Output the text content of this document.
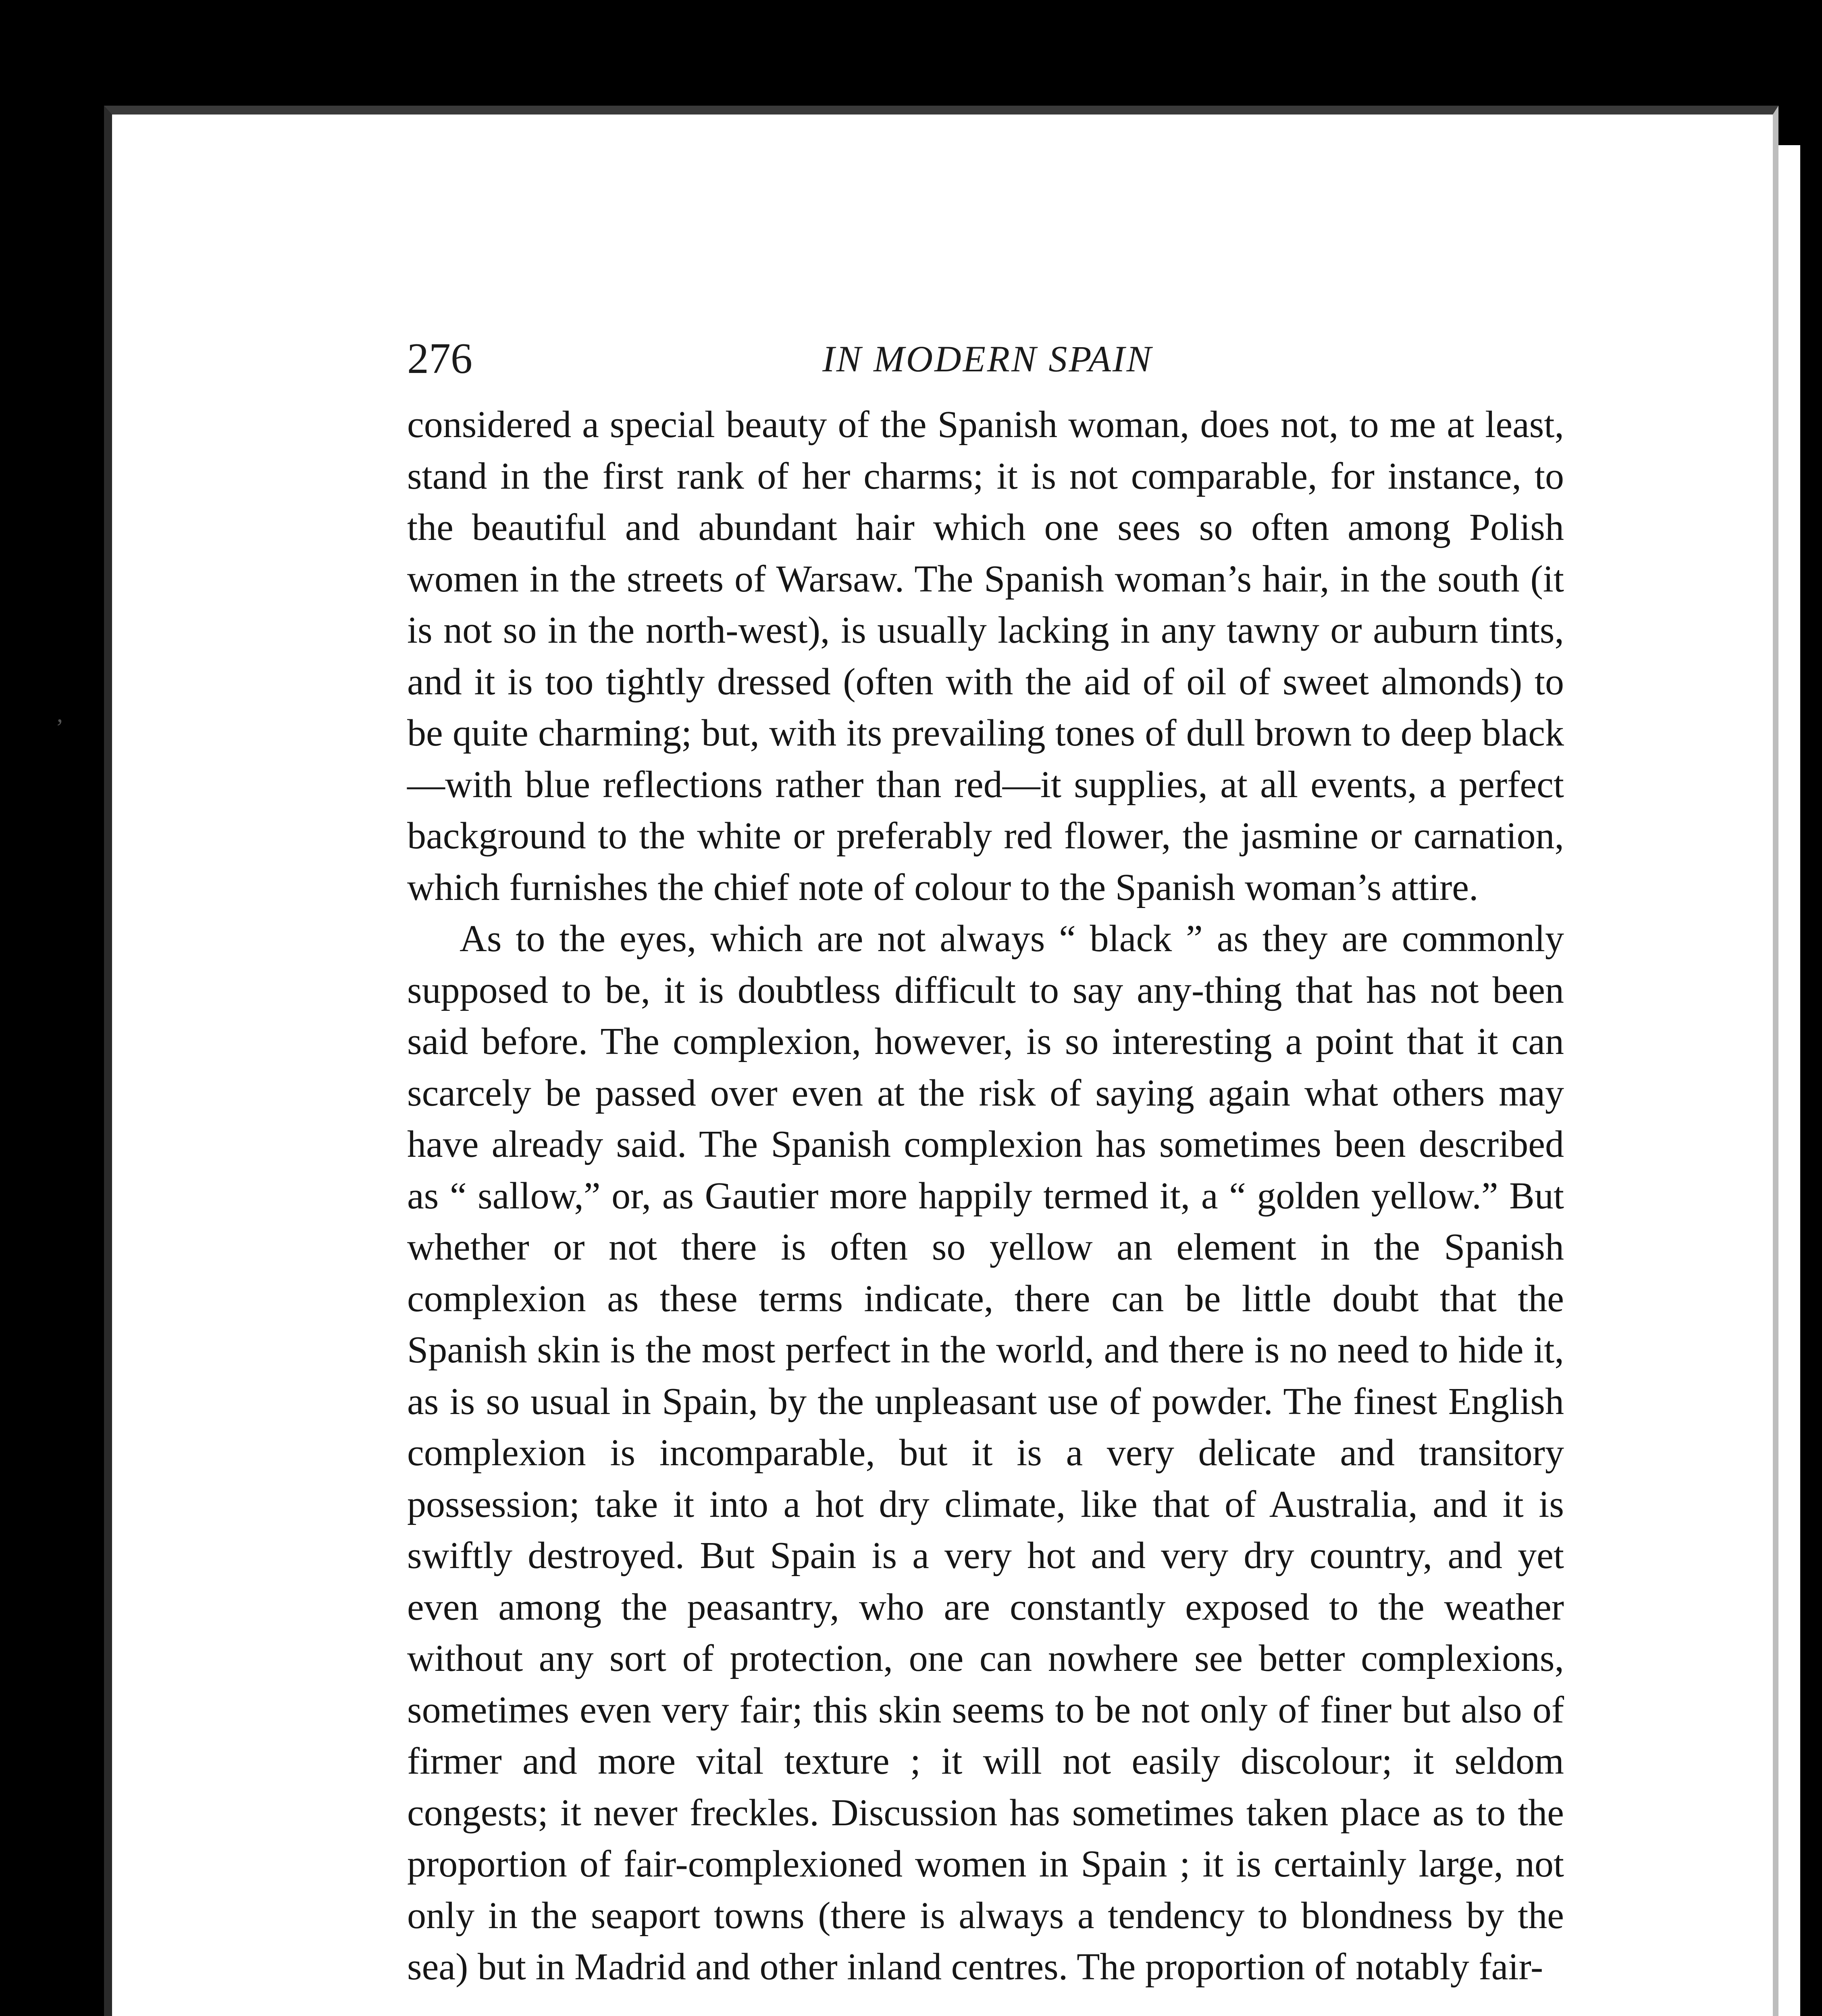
276	IN MODERN SPAIN

considered a special beauty of the Spanish woman, does not, to me at least, stand in the first rank of her charms; it is not comparable, for instance, to the beautiful and abundant hair which one sees so often among Polish women in the streets of Warsaw. The Spanish woman’s hair, in the south (it is not so in the north-west), is usually lacking in any tawny or auburn tints, and it is too tightly dressed (often with the aid of oil of sweet almonds) to be quite charming; but, with its prevailing tones of dull brown to deep black—with blue reflections rather than red—it supplies, at all events, a perfect background to the white or preferably red flower, the jasmine or carnation, which furnishes the chief note of colour to the Spanish woman’s attire.

As to the eyes, which are not always “ black ” as they are commonly supposed to be, it is doubtless difficult to say any-thing that has not been said before. The complexion, however, is so interesting a point that it can scarcely be passed over even at the risk of saying again what others may have already said. The Spanish complexion has sometimes been described as “ sallow,” or, as Gautier more happily termed it, a “ golden yellow.” But whether or not there is often so yellow an element in the Spanish complexion as these terms indicate, there can be little doubt that the Spanish skin is the most perfect in the world, and there is no need to hide it, as is so usual in Spain, by the unpleasant use of powder. The finest English complexion is incomparable, but it is a very delicate and transitory possession; take it into a hot dry climate, like that of Australia, and it is swiftly destroyed. But Spain is a very hot and very dry country, and yet even among the peasantry, who are constantly exposed to the weather without any sort of protection, one can nowhere see better complexions, sometimes even very fair; this skin seems to be not only of finer but also of firmer and more vital texture ; it will not easily discolour; it seldom congests; it never freckles. Discussion has sometimes taken place as to the proportion of fair-complexioned women in Spain ; it is certainly large, not only in the seaport towns (there is always a tendency to blondness by the sea) but in Madrid and other inland centres. The proportion of notably fair-

ʼ
